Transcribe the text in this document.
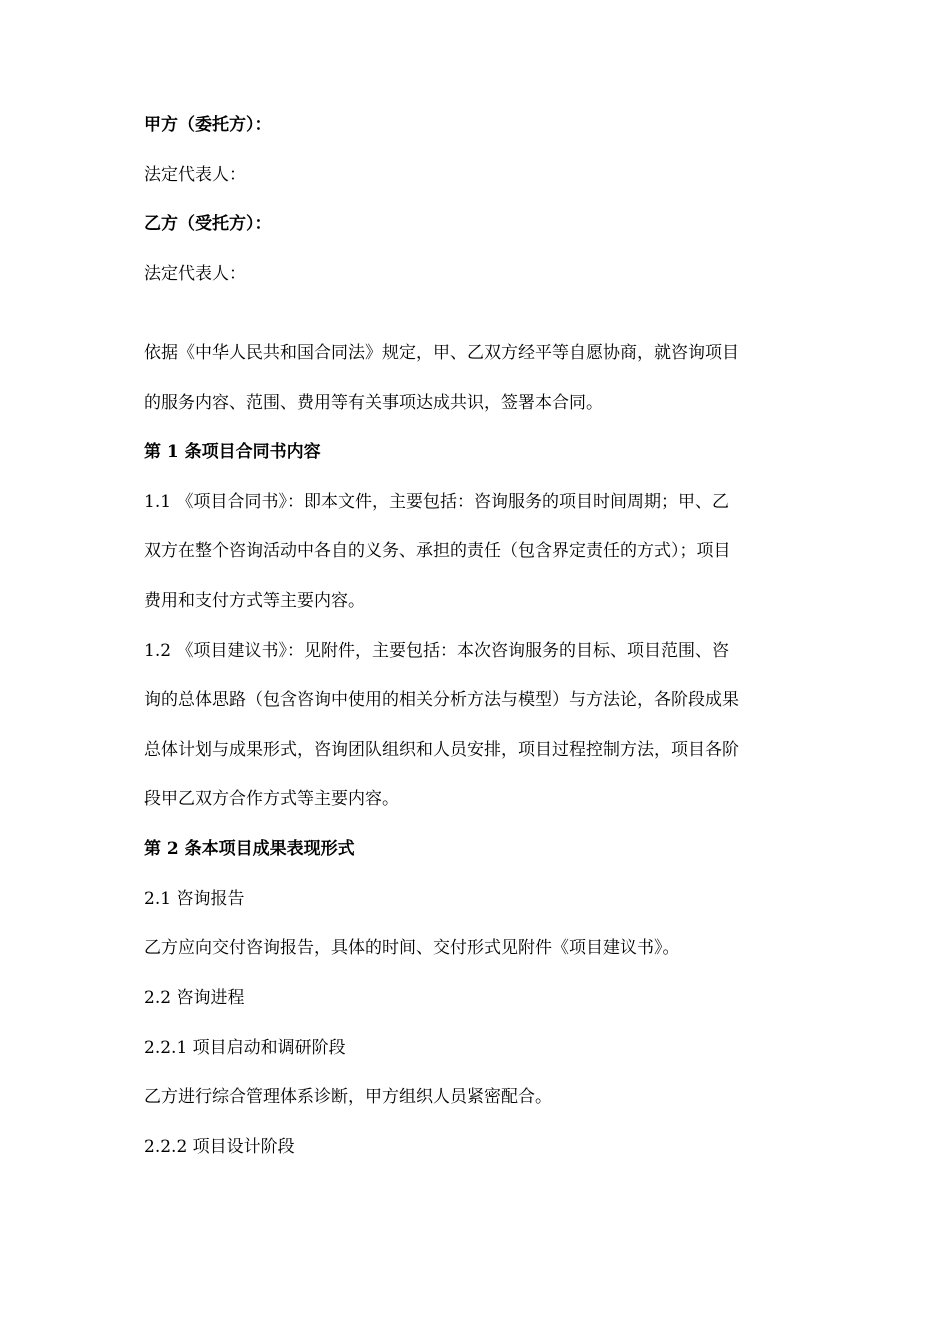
甲方（委托方）：
法定代表人：
乙方（受托方）：
法定代表人：
依据《中华人民共和国合同法》规定，甲、乙双方经平等自愿协商，就咨询项目
的服务内容、范围、费用等有关事项达成共识，签署本合同。
第 1 条项目合同书内容
1.1 《项目合同书》：即本文件，主要包括：咨询服务的项目时间周期；甲、乙
双方在整个咨询活动中各自的义务、承担的责任（包含界定责任的方式）；项目
费用和支付方式等主要内容。
1.2 《项目建议书》：见附件，主要包括：本次咨询服务的目标、项目范围、咨
询的总体思路（包含咨询中使用的相关分析方法与模型）与方法论，各阶段成果
总体计划与成果形式，咨询团队组织和人员安排，项目过程控制方法，项目各阶
段甲乙双方合作方式等主要内容。
第 2 条本项目成果表现形式
2.1 咨询报告
乙方应向交付咨询报告，具体的时间、交付形式见附件《项目建议书》。
2.2 咨询进程
2.2.1 项目启动和调研阶段
乙方进行综合管理体系诊断，甲方组织人员紧密配合。
2.2.2 项目设计阶段
